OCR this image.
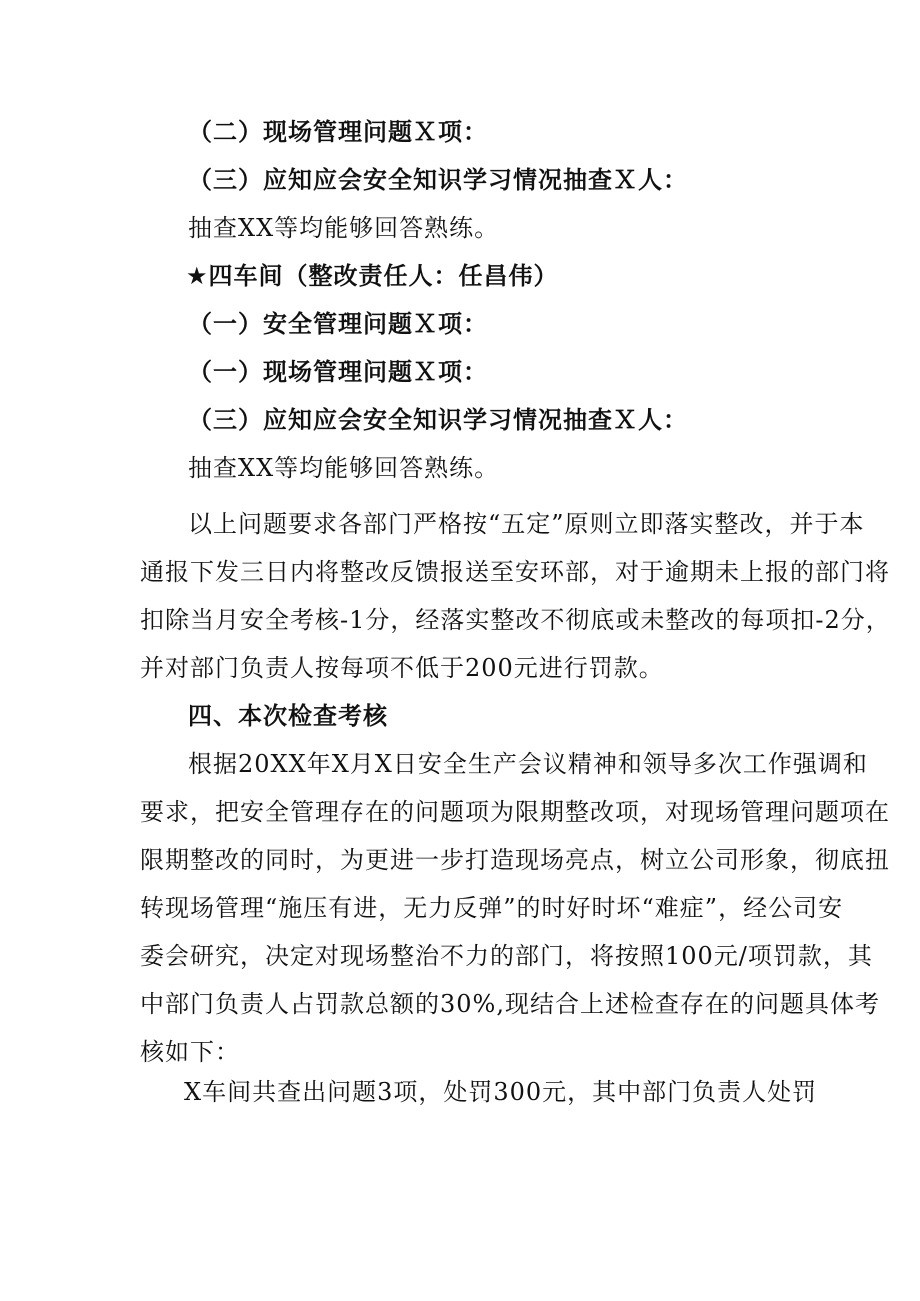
（二）现场管理问题Ｘ项：
（三）应知应会安全知识学习情况抽查Ｘ人：
抽查XX等均能够回答熟练。
★四车间（整改责任人：任昌伟）
（一）安全管理问题Ｘ项：
（一）现场管理问题Ｘ项：
（三）应知应会安全知识学习情况抽查Ｘ人：
抽查XX等均能够回答熟练。
以上问题要求各部门严格按“五定”原则立即落实整改，并于本
通报下发三日内将整改反馈报送至安环部，对于逾期未上报的部门将
扣除当月安全考核-1分，经落实整改不彻底或未整改的每项扣-2分，
并对部门负责人按每项不低于200元进行罚款。
四、本次检查考核
根据20XX年X月X日安全生产会议精神和领导多次工作强调和
要求，把安全管理存在的问题项为限期整改项，对现场管理问题项在
限期整改的同时，为更进一步打造现场亮点，树立公司形象，彻底扭
转现场管理“施压有进，无力反弹”的时好时坏“难症”，经公司安
委会研究，决定对现场整治不力的部门，将按照100元/项罚款，其
中部门负责人占罚款总额的30%,现结合上述检查存在的问题具体考
核如下：
X车间共查出问题3项，处罚300元，其中部门负责人处罚
